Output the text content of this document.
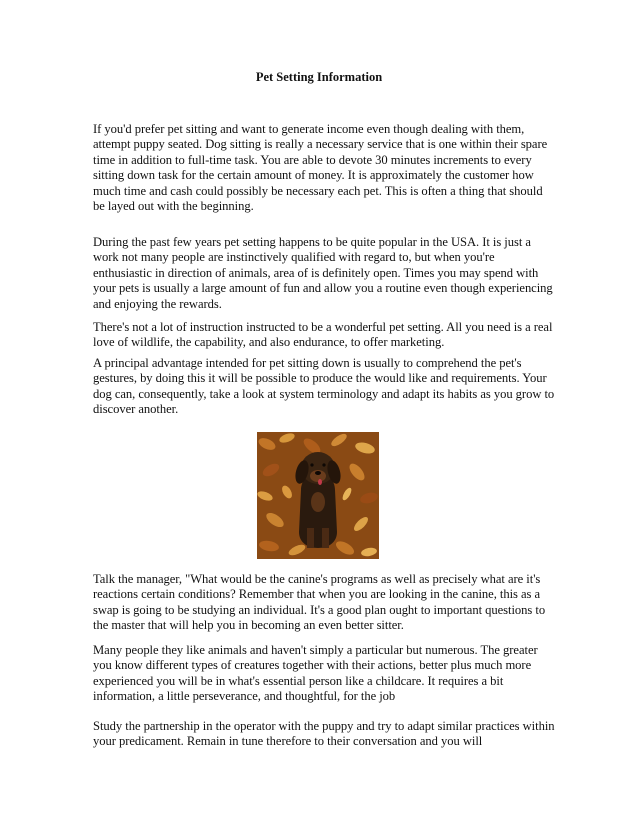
Pet Setting Information

If you'd prefer pet sitting and want to generate income even though dealing with them, attempt puppy seated. Dog sitting is really a necessary service that is one within their spare time in addition to full-time task. You are able to devote 30 minutes increments to every sitting down task for the certain amount of money. It is approximately the customer how much time and cash could possibly be necessary each pet. This is often a thing that should be layed out with the beginning.

During the past few years pet setting happens to be quite popular in the USA. It is just a work not many people are instinctively qualified with regard to, but when you're enthusiastic in direction of animals, area of is definitely open. Times you may spend with your pets is usually a large amount of fun and allow you a routine even though experiencing and enjoying the rewards.

There's not a lot of instruction instructed to be a wonderful pet setting. All you need is a real love of wildlife, the capability, and also endurance, to offer marketing.

A principal advantage intended for pet sitting down is usually to comprehend the pet's gestures, by doing this it will be possible to produce the would like and requirements. Your dog can, consequently, take a look at system terminology and adapt its habits as you grow to discover another.

Talk the manager, "What would be the canine's programs as well as precisely what are it's reactions certain conditions? Remember that when you are looking in the canine, this as a swap is going to be studying an individual. It's a good plan ought to important questions to the master that will help you in becoming an even better sitter.

Many people they like animals and haven't simply a particular but numerous. The greater you know different types of creatures together with their actions, better plus much more experienced you will be in what's essential person like a childcare. It requires a bit information, a little perseverance, and thoughtful, for the job

Study the partnership in the operator with the puppy and try to adapt similar practices within your predicament. Remain in tune therefore to their conversation and you will
